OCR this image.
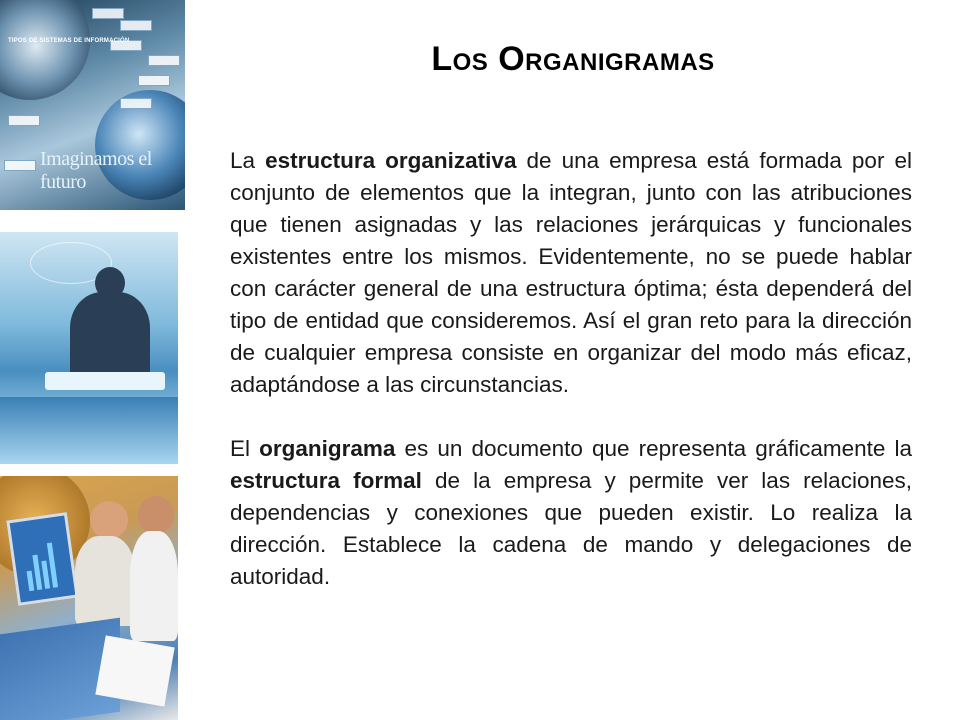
TIPOS DE SISTEMAS DE INFORMACIÓN
Imaginamos el futuro
Los Organigramas

La estructura organizativa de una empresa está formada por el conjunto de elementos que la integran, junto con las atribuciones que tienen asignadas y las relaciones jerárquicas y funcionales existentes entre los mismos. Evidentemente, no se puede hablar con carácter general de una estructura óptima; ésta dependerá del tipo de entidad que consideremos. Así el gran reto para la dirección de cualquier empresa consiste en organizar del modo más eficaz, adaptándose a las circunstancias.

El organigrama es un documento que representa gráficamente la estructura formal de la empresa y permite ver las relaciones, dependencias y conexiones que pueden existir. Lo realiza la dirección. Establece la cadena de mando y delegaciones de autoridad.
